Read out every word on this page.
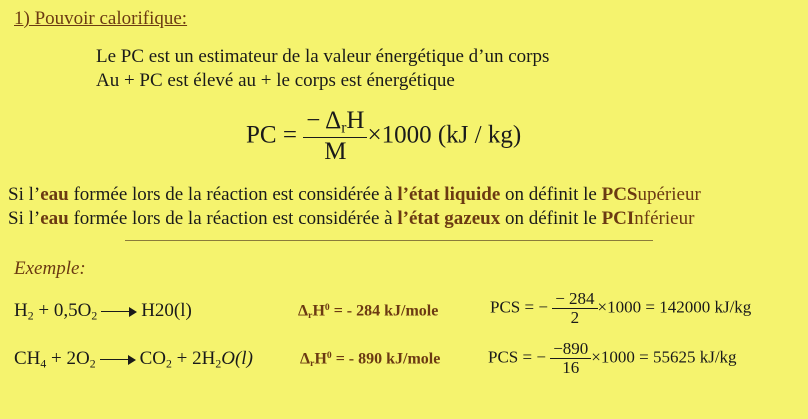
1) Pouvoir calorifique:
Le PC est un estimateur de la valeur énergétique d’un corps
Au + PC est élevé au + le corps est énergétique
PC = $\frac{- \Delta_rH}{M} \times 1000$ (kJ / kg)
Si l’eau formée lors de la réaction est considérée à l’état liquide on définit le PCSupérieur
Si l’eau formée lors de la réaction est considérée à l’état gazeux on définit le PCInférieur
Exemple:
$H_2 + 0,5O_2$ H20(l)	$\Delta_rH^0$ = - 284 kJ/mole	PCS = − $\frac{- 284}{2} \times 1000 = 142000$ kJ/kg
$CH_4 + 2O_2$ $CO_2 + 2H_2O(l)$	$\Delta_rH^0$ = - 890 kJ/mole	PCS = − $\frac{-890}{16} \times 1000 = 55625$ kJ/kg
